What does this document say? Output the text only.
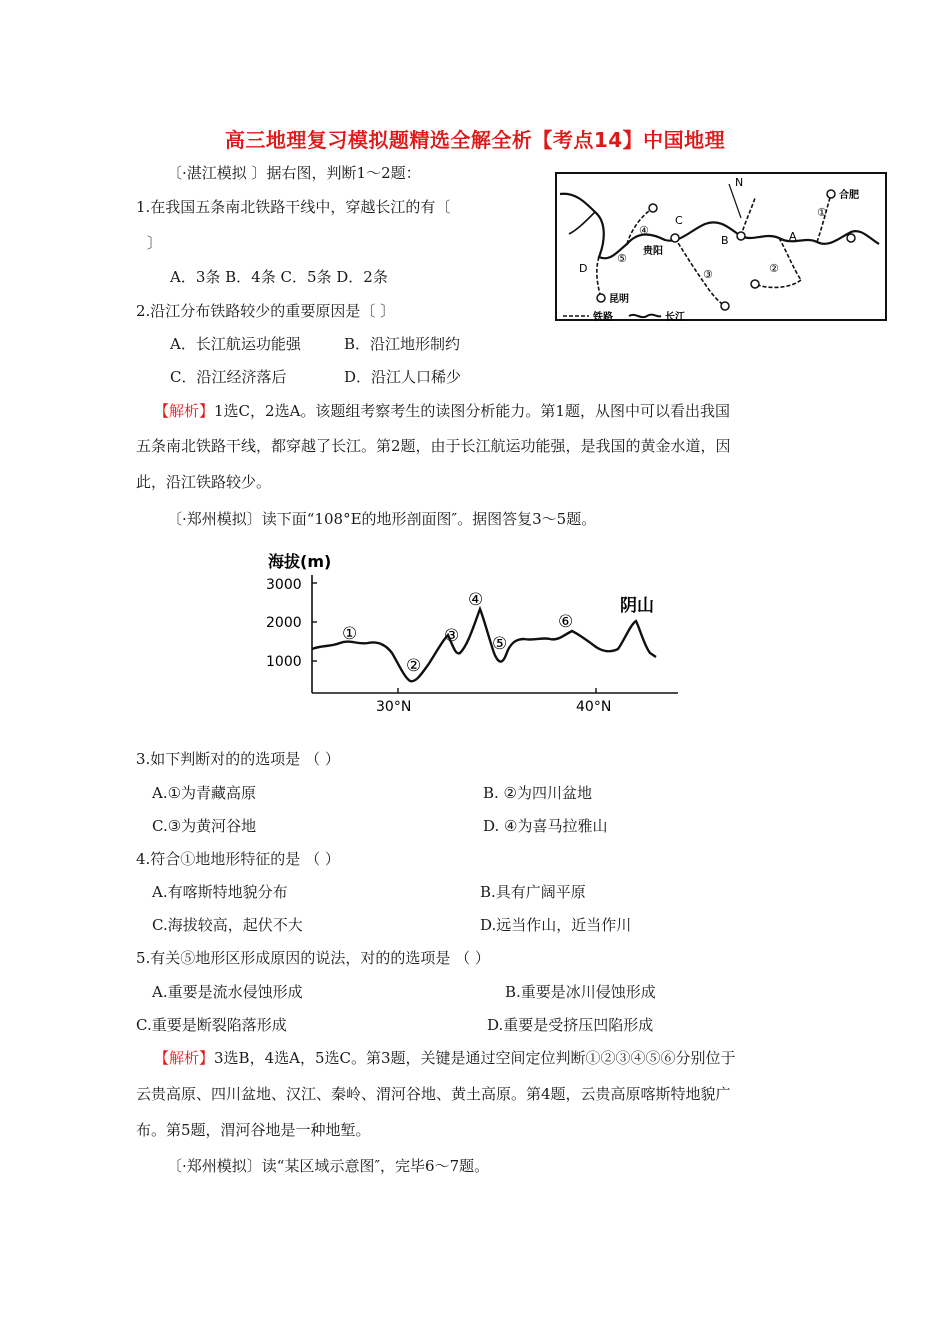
高三地理复习模拟题精选全解全析【考点14】中国地理
〔·湛江模拟 〕据右图，判断1～2题：
1.在我国五条南北铁路干线中，穿越长江的有〔
〕
A．3条 B．4条 C．5条 D．2条
2.沿江分布铁路较少的重要原因是〔 〕
A．长江航运功能强	B．沿江地形制约
C．沿江经济落后	D．沿江人口稀少
【解析】1选C，2选A。该题组考察考生的读图分析能力。第1题，从图中可以看出我国
五条南北铁路干线，都穿越了长江。第2题，由于长江航运功能强，是我国的黄金水道，因
此，沿江铁路较少。
N
合肥
贵阳
昆明
A
B
C
D
①
②
③
④
⑤
铁路	长江
〔·郑州模拟〕读下面“108°E的地形剖面图″。据图答复3～5题。
海拔(m)
3000
2000
1000
30°N	40°N
①
②
③
④
⑤
⑥
阴山
3.如下判断对的的选项是 （ ）
A.①为青藏高原	B. ②为四川盆地
C.③为黄河谷地	D. ④为喜马拉雅山
4.符合①地地形特征的是 （ ）
A.有喀斯特地貌分布	B.具有广阔平原
C.海拔较高，起伏不大	D.远当作山，近当作川
5.有关⑤地形区形成原因的说法，对的的选项是 （ ）
A.重要是流水侵蚀形成	B.重要是冰川侵蚀形成
C.重要是断裂陷落形成	D.重要是受挤压凹陷形成
【解析】3选B，4选A，5选C。第3题，关键是通过空间定位判断①②③④⑤⑥分别位于
云贵高原、四川盆地、汉江、秦岭、渭河谷地、黄土高原。第4题，云贵高原喀斯特地貌广
布。第5题，渭河谷地是一种地堑。
〔·郑州模拟〕读“某区域示意图″，完毕6～7题。
